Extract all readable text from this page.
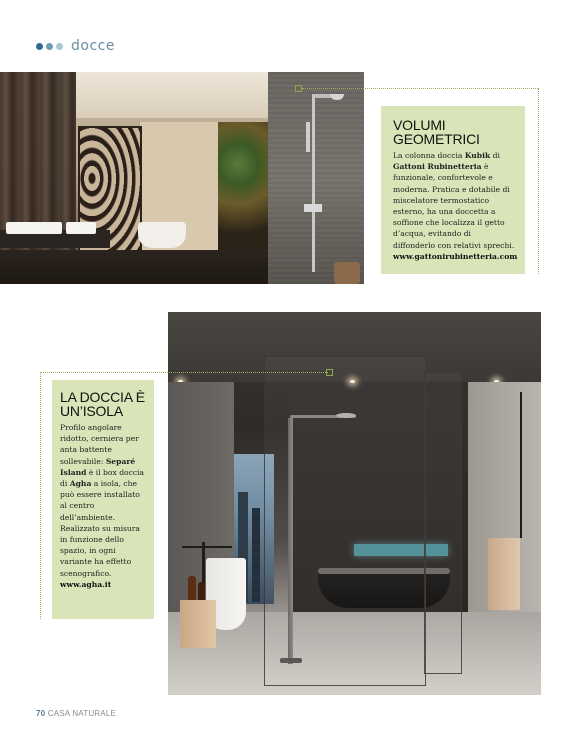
docce
VOLUMI GEOMETRICI
La colonna doccia Kubik di Gattoni Rubinetteria è funzionale, confortevole e moderna. Pratica e dotabile di miscelatore termostatico esterno, ha una doccetta a soffione che localizza il getto d’acqua, evitando di diffonderlo con relativi sprechi.
www.gattonirubinetteria.com
LA DOCCIA È
UN’ISOLA
Profilo angolare ridotto, cerniera per anta battente sollevabile: Separé Island è il box doccia di Agha a isola, che può essere installato al centro dell’ambiente. Realizzato su misura in funzione dello spazio, in ogni variante ha effetto scenografico.
www.agha.it
70 CASA NATURALE
